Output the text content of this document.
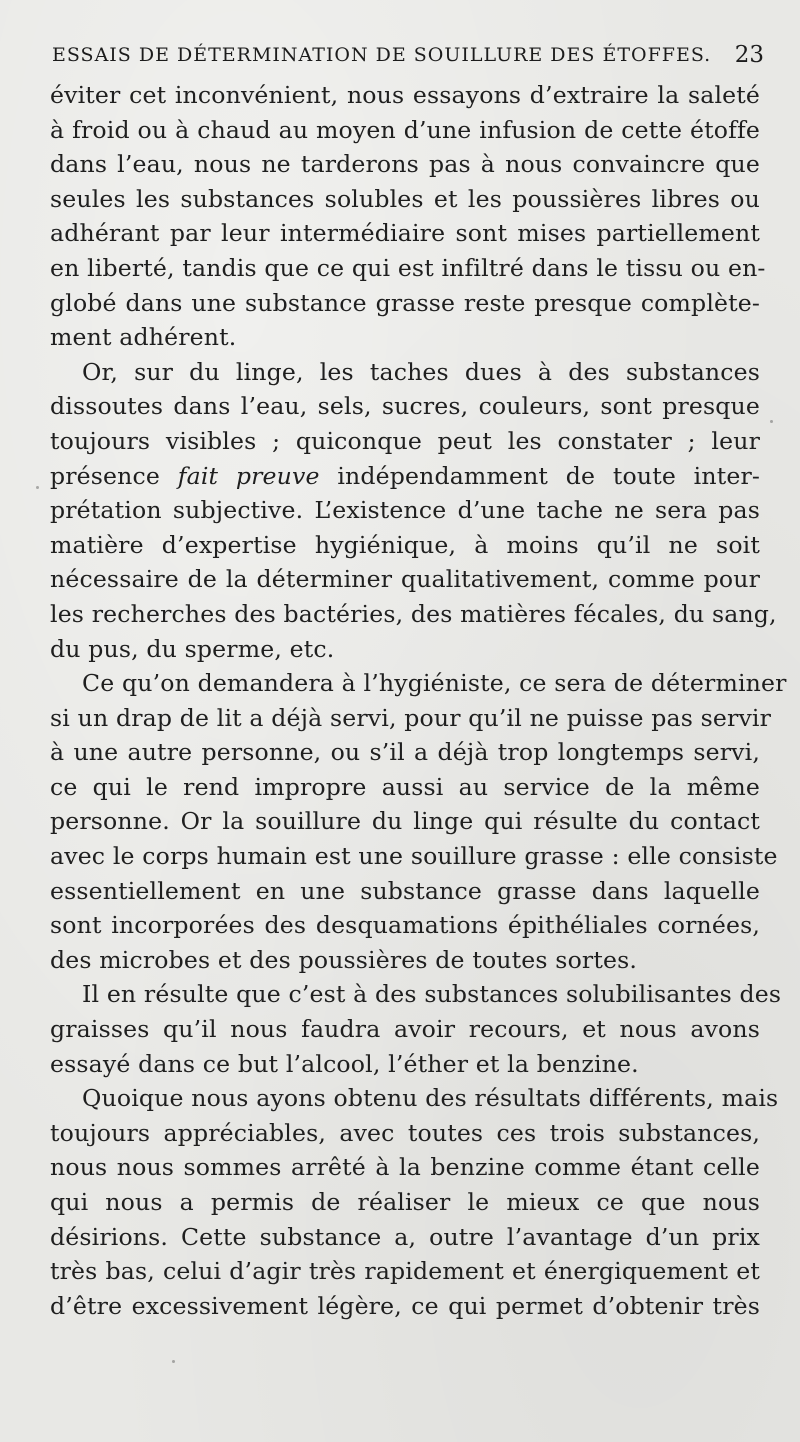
ESSAIS DE DÉTERMINATION DE SOUILLURE DES ÉTOFFES. 23
éviter cet inconvénient, nous essayons d’extraire la saleté
à froid ou à chaud au moyen d’une infusion de cette étoffe
dans l’eau, nous ne tarderons pas à nous convaincre que
seules les substances solubles et les poussières libres ou
adhérant par leur intermédiaire sont mises partiellement
en liberté, tandis que ce qui est infiltré dans le tissu ou en-
globé dans une substance grasse reste presque complète-
ment adhérent.
Or, sur du linge, les taches dues à des substances
dissoutes dans l’eau, sels, sucres, couleurs, sont presque
toujours visibles ; quiconque peut les constater ; leur
présence fait preuve indépendamment de toute inter-
prétation subjective. L’existence d’une tache ne sera pas
matière d’expertise hygiénique, à moins qu’il ne soit
nécessaire de la déterminer qualitativement, comme pour
les recherches des bactéries, des matières fécales, du sang,
du pus, du sperme, etc.
Ce qu’on demandera à l’hygiéniste, ce sera de déterminer
si un drap de lit a déjà servi, pour qu’il ne puisse pas servir
à une autre personne, ou s’il a déjà trop longtemps servi,
ce qui le rend impropre aussi au service de la même
personne. Or la souillure du linge qui résulte du contact
avec le corps humain est une souillure grasse : elle consiste
essentiellement en une substance grasse dans laquelle
sont incorporées des desquamations épithéliales cornées,
des microbes et des poussières de toutes sortes.
Il en résulte que c’est à des substances solubilisantes des
graisses qu’il nous faudra avoir recours, et nous avons
essayé dans ce but l’alcool, l’éther et la benzine.
Quoique nous ayons obtenu des résultats différents, mais
toujours appréciables, avec toutes ces trois substances,
nous nous sommes arrêté à la benzine comme étant celle
qui nous a permis de réaliser le mieux ce que nous
désirions. Cette substance a, outre l’avantage d’un prix
très bas, celui d’agir très rapidement et énergiquement et
d’être excessivement légère, ce qui permet d’obtenir très
